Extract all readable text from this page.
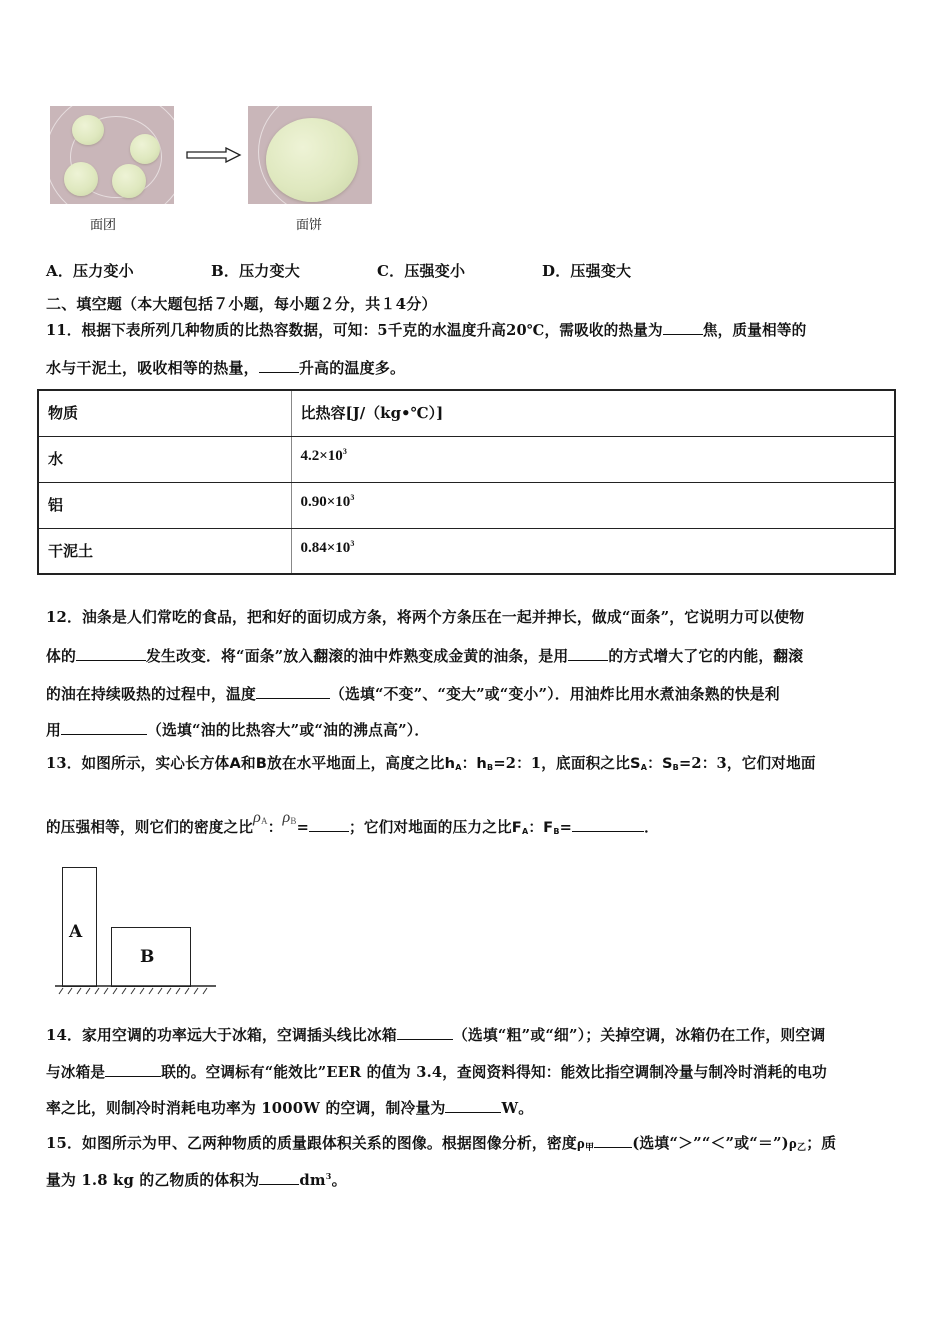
面团	面饼
A．压力变小	B．压力变大	C．压强变小	D．压强变大
二、填空题（本大题包括７小题，每小题２分，共１4分）
11．根据下表所列几种物质的比热容数据，可知：5千克的水温度升高20℃，需吸收的热量为	焦，质量相等的
水与干泥土，吸收相等的热量，	升高的温度多。
物质	比热容[J/（kg•℃）]
水	$4.2\times 10^3$
铝	$0.90\times 10^3$
干泥土	$0.84\times 10^3$
12．油条是人们常吃的食品，把和好的面切成方条，将两个方条压在一起并抻长，做成“面条”，它说明力可以使物
体的	发生改变．将“面条”放入翻滚的油中炸熟变成金黄的油条，是用	的方式增大了它的内能，翻滚
的油在持续吸热的过程中，温度	（选填“不变”、“变大”或“变小”）．用油炸比用水煮油条熟的快是利
用	（选填“油的比热容大”或“油的沸点高”）．
13．如图所示，实心长方体A和B放在水平地面上，高度之比$h_A$：$h_B=2$：1，底面积之比$S_A$：$S_B=2$：3，它们对地面
的压强相等，则它们的密度之比$\rho_A$：$\rho_B=$	；它们对地面的压力之比$F_A$：$F_B=$	．
A
B
14．家用空调的功率远大于冰箱，空调插头线比冰箱	（选填“粗”或“细”）；关掉空调，冰箱仍在工作，则空调
与冰箱是	联的。空调标有“能效比”EER 的值为 3.4，查阅资料得知：能效比指空调制冷量与制冷时消耗的电功
率之比，则制冷时消耗电功率为 1000W 的空调，制冷量为	W。
15．如图所示为甲、乙两种物质的质量跟体积关系的图像。根据图像分析，密度$\rho_甲$	(选填“＞”“＜”或“$=”)\rho_乙$；质
量为 1.8 kg 的乙物质的体积为	$dm^3$。
